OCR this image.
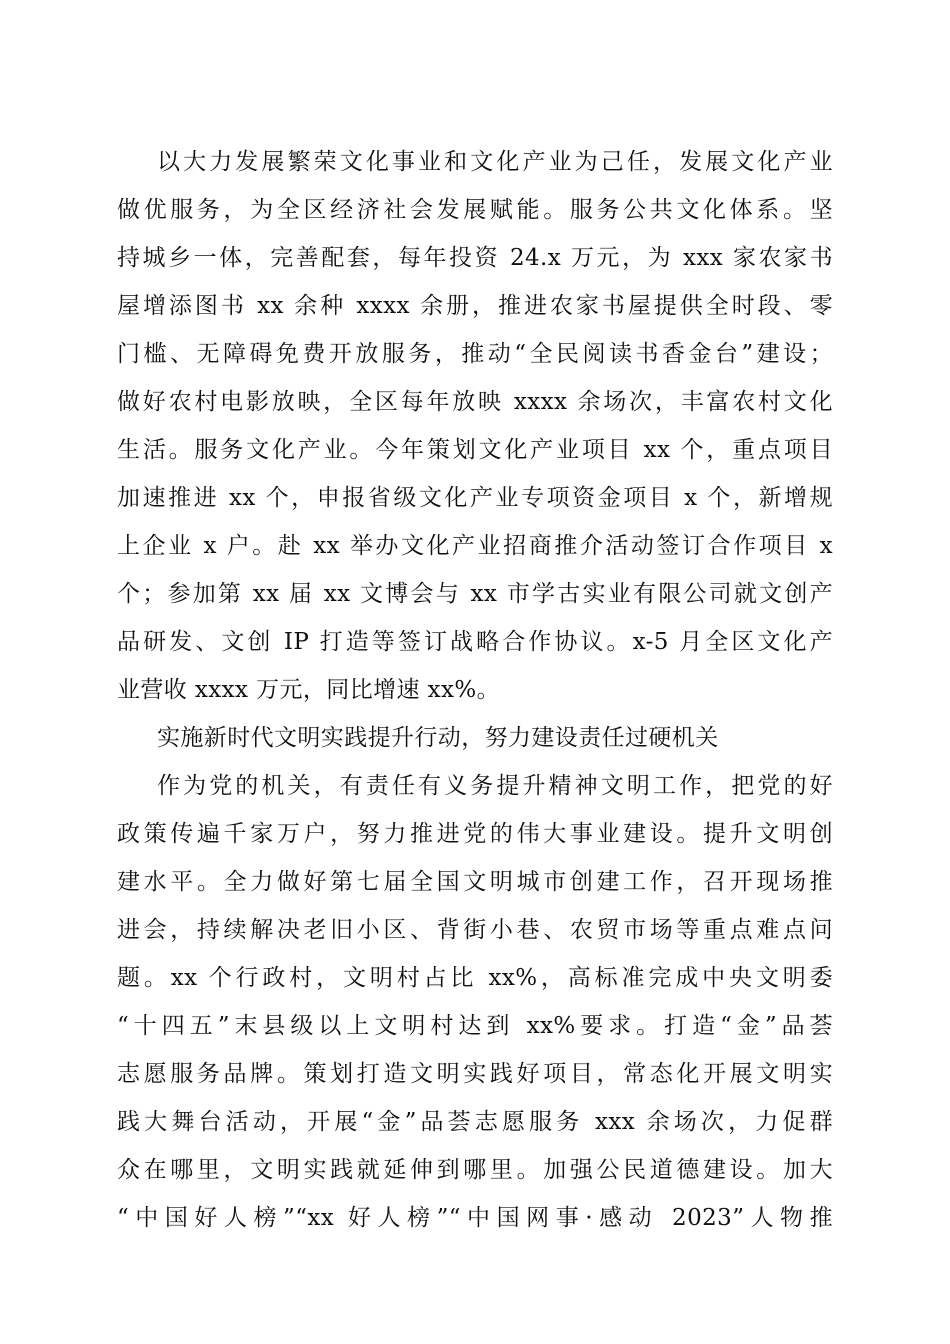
以大力发展繁荣文化事业和文化产业为己任，发展文化产业
做优服务，为全区经济社会发展赋能。服务公共文化体系。坚
持城乡一体，完善配套，每年投资 24.x 万元，为 xxx 家农家书
屋增添图书 xx 余种 xxxx 余册，推进农家书屋提供全时段、零
门槛、无障碍免费开放服务，推动“全民阅读书香金台”建设；
做好农村电影放映，全区每年放映 xxxx 余场次，丰富农村文化
生活。服务文化产业。今年策划文化产业项目 xx 个，重点项目
加速推进 xx 个，申报省级文化产业专项资金项目 x 个，新增规
上企业 x 户。赴 xx 举办文化产业招商推介活动签订合作项目 x
个；参加第 xx 届 xx 文博会与 xx 市学古实业有限公司就文创产
品研发、文创 IP 打造等签订战略合作协议。x-5 月全区文化产
业营收 xxxx 万元，同比增速 xx%。
实施新时代文明实践提升行动，努力建设责任过硬机关
作为党的机关，有责任有义务提升精神文明工作，把党的好
政策传遍千家万户，努力推进党的伟大事业建设。提升文明创
建水平。全力做好第七届全国文明城市创建工作，召开现场推
进会，持续解决老旧小区、背街小巷、农贸市场等重点难点问
题。xx 个行政村，文明村占比 xx%，高标准完成中央文明委
“十四五”末县级以上文明村达到 xx%要求。打造“金”品荟
志愿服务品牌。策划打造文明实践好项目，常态化开展文明实
践大舞台活动，开展“金”品荟志愿服务 xxx 余场次，力促群
众在哪里，文明实践就延伸到哪里。加强公民道德建设。加大
“中国好人榜”“xx 好人榜”“中国网事·感动 2023”人物推
